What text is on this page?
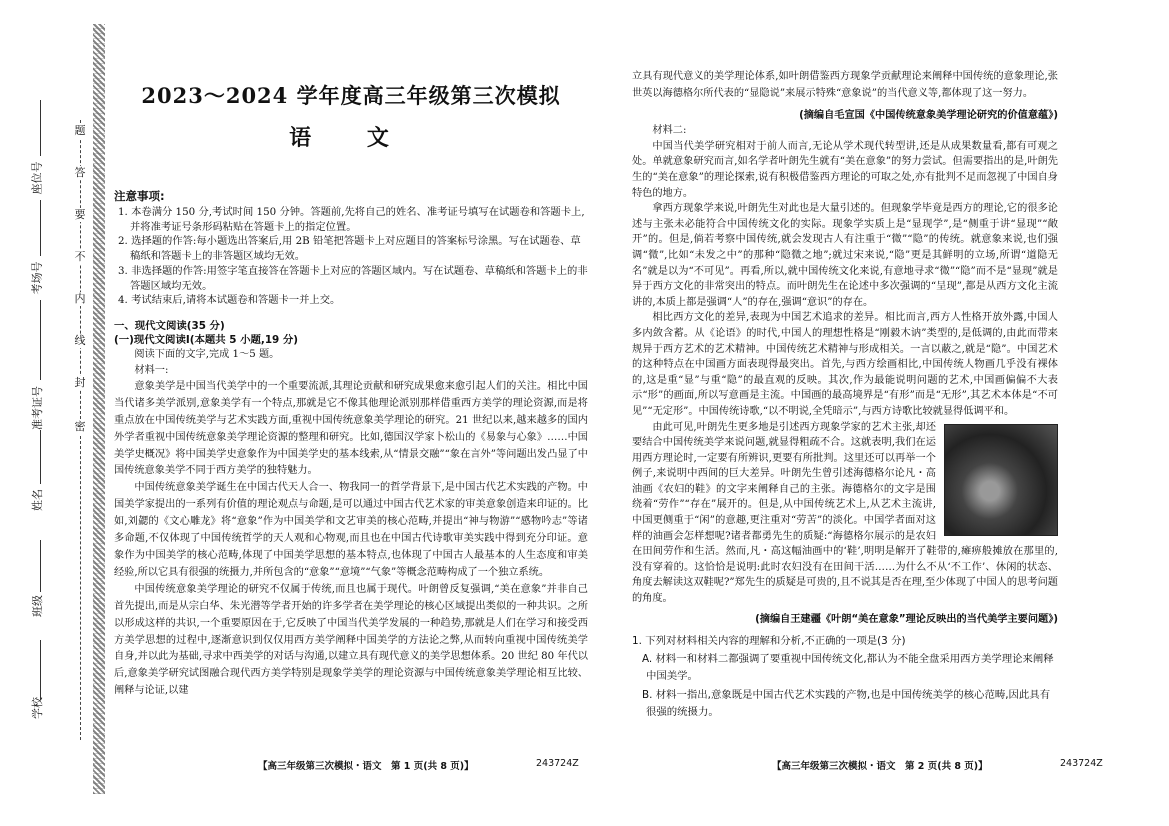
密
封
线
内
不
要
答
题
学校
班级
姓名
准考证号
考场号
座位号
2023～2024 学年度高三年级第三次模拟
语 文
注意事项:

1. 本卷满分 150 分,考试时间 150 分钟。答题前,先将自己的姓名、准考证号填写在试题卷和答题卡上,并将准考证号条形码粘贴在答题卡上的指定位置。

2. 选择题的作答:每小题选出答案后,用 2B 铅笔把答题卡上对应题目的答案标号涂黑。写在试题卷、草稿纸和答题卡上的非答题区域均无效。

3. 非选择题的作答:用签字笔直接答在答题卡上对应的答题区域内。写在试题卷、草稿纸和答题卡上的非答题区域均无效。

4. 考试结束后,请将本试题卷和答题卡一并上交。

一、现代文阅读(35 分)
(一)现代文阅读Ⅰ(本题共 5 小题,19 分)

阅读下面的文字,完成 1～5 题。

材料一:

意象美学是中国当代美学中的一个重要流派,其理论贡献和研究成果愈来愈引起人们的关注。相比中国当代诸多美学派别,意象美学有一个特点,那就是它不像其他理论派别那样借重西方美学的理论资源,而是将重点放在中国传统美学与艺术实践方面,重视中国传统意象美学理论的研究。21 世纪以来,越来越多的国内外学者重视中国传统意象美学理论资源的整理和研究。比如,德国汉学家卜松山的《易象与心象》……中国美学史概况》将中国美学史意象作为中国美学史的基本线索,从“情景交融”“象在言外”等问题出发凸显了中国传统意象美学不同于西方美学的独特魅力。

中国传统意象美学诞生在中国古代天人合一、物我同一的哲学背景下,是中国古代艺术实践的产物。中国美学家提出的一系列有价值的理论观点与命题,是可以通过中国古代艺术家的审美意象创造来印证的。比如,刘勰的《文心雕龙》将“意象”作为中国美学和文艺审美的核心范畴,并提出“神与物游”“感物吟志”等诸多命题,不仅体现了中国传统哲学的天人观和心物观,而且也在中国古代诗歌审美实践中得到充分印证。意象作为中国美学的核心范畴,体现了中国美学思想的基本特点,也体现了中国古人最基本的人生态度和审美经验,所以它具有很强的统摄力,并所包含的“意象”“意境”“气象”等概念范畴构成了一个独立系统。

中国传统意象美学理论的研究不仅属于传统,而且也属于现代。叶朗曾反复强调,“美在意象”并非自己首先提出,而是从宗白华、朱光潜等学者开始的许多学者在美学理论的核心区域提出类似的一种共识。之所以形成这样的共识,一个重要原因在于,它反映了中国当代美学发展的一种趋势,那就是人们在学习和接受西方美学思想的过程中,逐渐意识到仅仅用西方美学阐释中国美学的方法论之弊,从而转向重视中国传统美学自身,并以此为基础,寻求中西美学的对话与沟通,以建立具有现代意义的美学思想体系。20 世纪 80 年代以后,意象美学研究试图融合现代西方美学特别是现象学美学的理论资源与中国传统意象美学理论相互比较、阐释与论证,以建

【高三年级第三次模拟・语文　第 1 页(共 8 页)】	243724Z

立具有现代意义的美学理论体系,如叶朗借鉴西方现象学贡献理论来阐释中国传统的意象理论,张世英以海德格尔所代表的“显隐说”来展示特殊“意象说”的当代意义等,都体现了这一努力。

(摘编自毛宣国《中国传统意象美学理论研究的价值意蕴》)

材料二:

中国当代美学研究相对于前人而言,无论从学术现代转型讲,还是从成果数量看,都有可观之处。单就意象研究而言,如名学者叶朗先生就有“美在意象”的努力尝试。但需要指出的是,叶朗先生的“美在意象”的理论探索,说有积极借鉴西方理论的可取之处,亦有批判不足而忽视了中国自身特色的地方。

拿西方现象学来说,叶朗先生对此也是大量引述的。但现象学毕竟是西方的理论,它的很多论述与主张未必能符合中国传统文化的实际。现象学实质上是“显现学”,是“侧重于讲“显现”“敞开”的。但是,倘若考察中国传统,就会发现古人有注重于“微”“隐”的传统。就意象来说,也们强调“微”,比如“未发之中”的那种“隐微之地”;就过宋来说,“隐”更是其鲜明的立场,所谓“道隐无名”就是以为“不可见”。再看,所以,就中国传统文化来说,有意地寻求“微”“隐”而不是“显现”就是异于西方文化的非常突出的特点。而叶朗先生在论述中多次强调的“呈现”,都是从西方文化主流讲的,本质上都是强调“人”的存在,强调“意识”的存在。

相比西方文化的差异,表现为中国艺术追求的差异。相比而言,西方人性格开放外露,中国人多内敛含蓄。从《论语》的时代,中国人的理想性格是“刚毅木讷”类型的,是低调的,由此而带来规异于西方艺术的艺术精神。中国传统艺术精神与形成相关。一言以蔽之,就是“隐”。中国艺术的这种特点在中国画方面表现得最突出。首先,与西方绘画相比,中国传统人物画几乎没有裸体的,这是重“显”与重“隐”的最直观的反映。其次,作为最能说明问题的艺术,中国画偏偏不大表示“形”的画面,所以写意画是主流。中国画的最高境界是“有形”而是“无形”,其艺术本体是“不可见”“无定形”。中国传统诗歌,“以不明说,全凭暗示”,与西方诗歌比较就显得低调平和。

由此可见,叶朗先生更多地是引述西方现象学家的艺术主张,却还要结合中国传统美学来说问题,就显得粗疏不合。这就表明,我们在运用西方理论时,一定要有所辨识,更要有所批判。这里还可以再举一个例子,来说明中西间的巨大差异。叶朗先生曾引述海德格尔论凡・高油画《农妇的鞋》的文字来阐释自己的主张。海德格尔的文字是围绕着“劳作”“存在”展开的。但是,从中国传统艺术上,从艺术主流讲,中国更侧重于“闲”的意趣,更注重对“劳苦”的淡化。中国学者面对这样的油画会怎样想呢?诸者都勇先生的质疑:“海德格尔展示的是农妇在田间劳作和生活。然而,凡・高这幅油画中的‘鞋’,明明是解开了鞋带的,瘫痹般摊放在那里的,没有穿着的。这恰恰是说明:此时农妇没有在田间干活……为什么不从‘不工作’、休闲的状态、角度去解读这双鞋呢?”郑先生的质疑是可贵的,且不说其是否在理,至少体现了中国人的思考问题的角度。

(摘编自王建疆《叶朗“美在意象”理论反映出的当代美学主要问题》)

1. 下列对材料相关内容的理解和分析,不正确的一项是(3 分)

A. 材料一和材料二都强调了要重视中国传统文化,都认为不能全盘采用西方美学理论来阐释中国美学。

B. 材料一指出,意象既是中国古代艺术实践的产物,也是中国传统美学的核心范畴,因此具有很强的统摄力。

【高三年级第三次模拟・语文　第 2 页(共 8 页)】	243724Z
